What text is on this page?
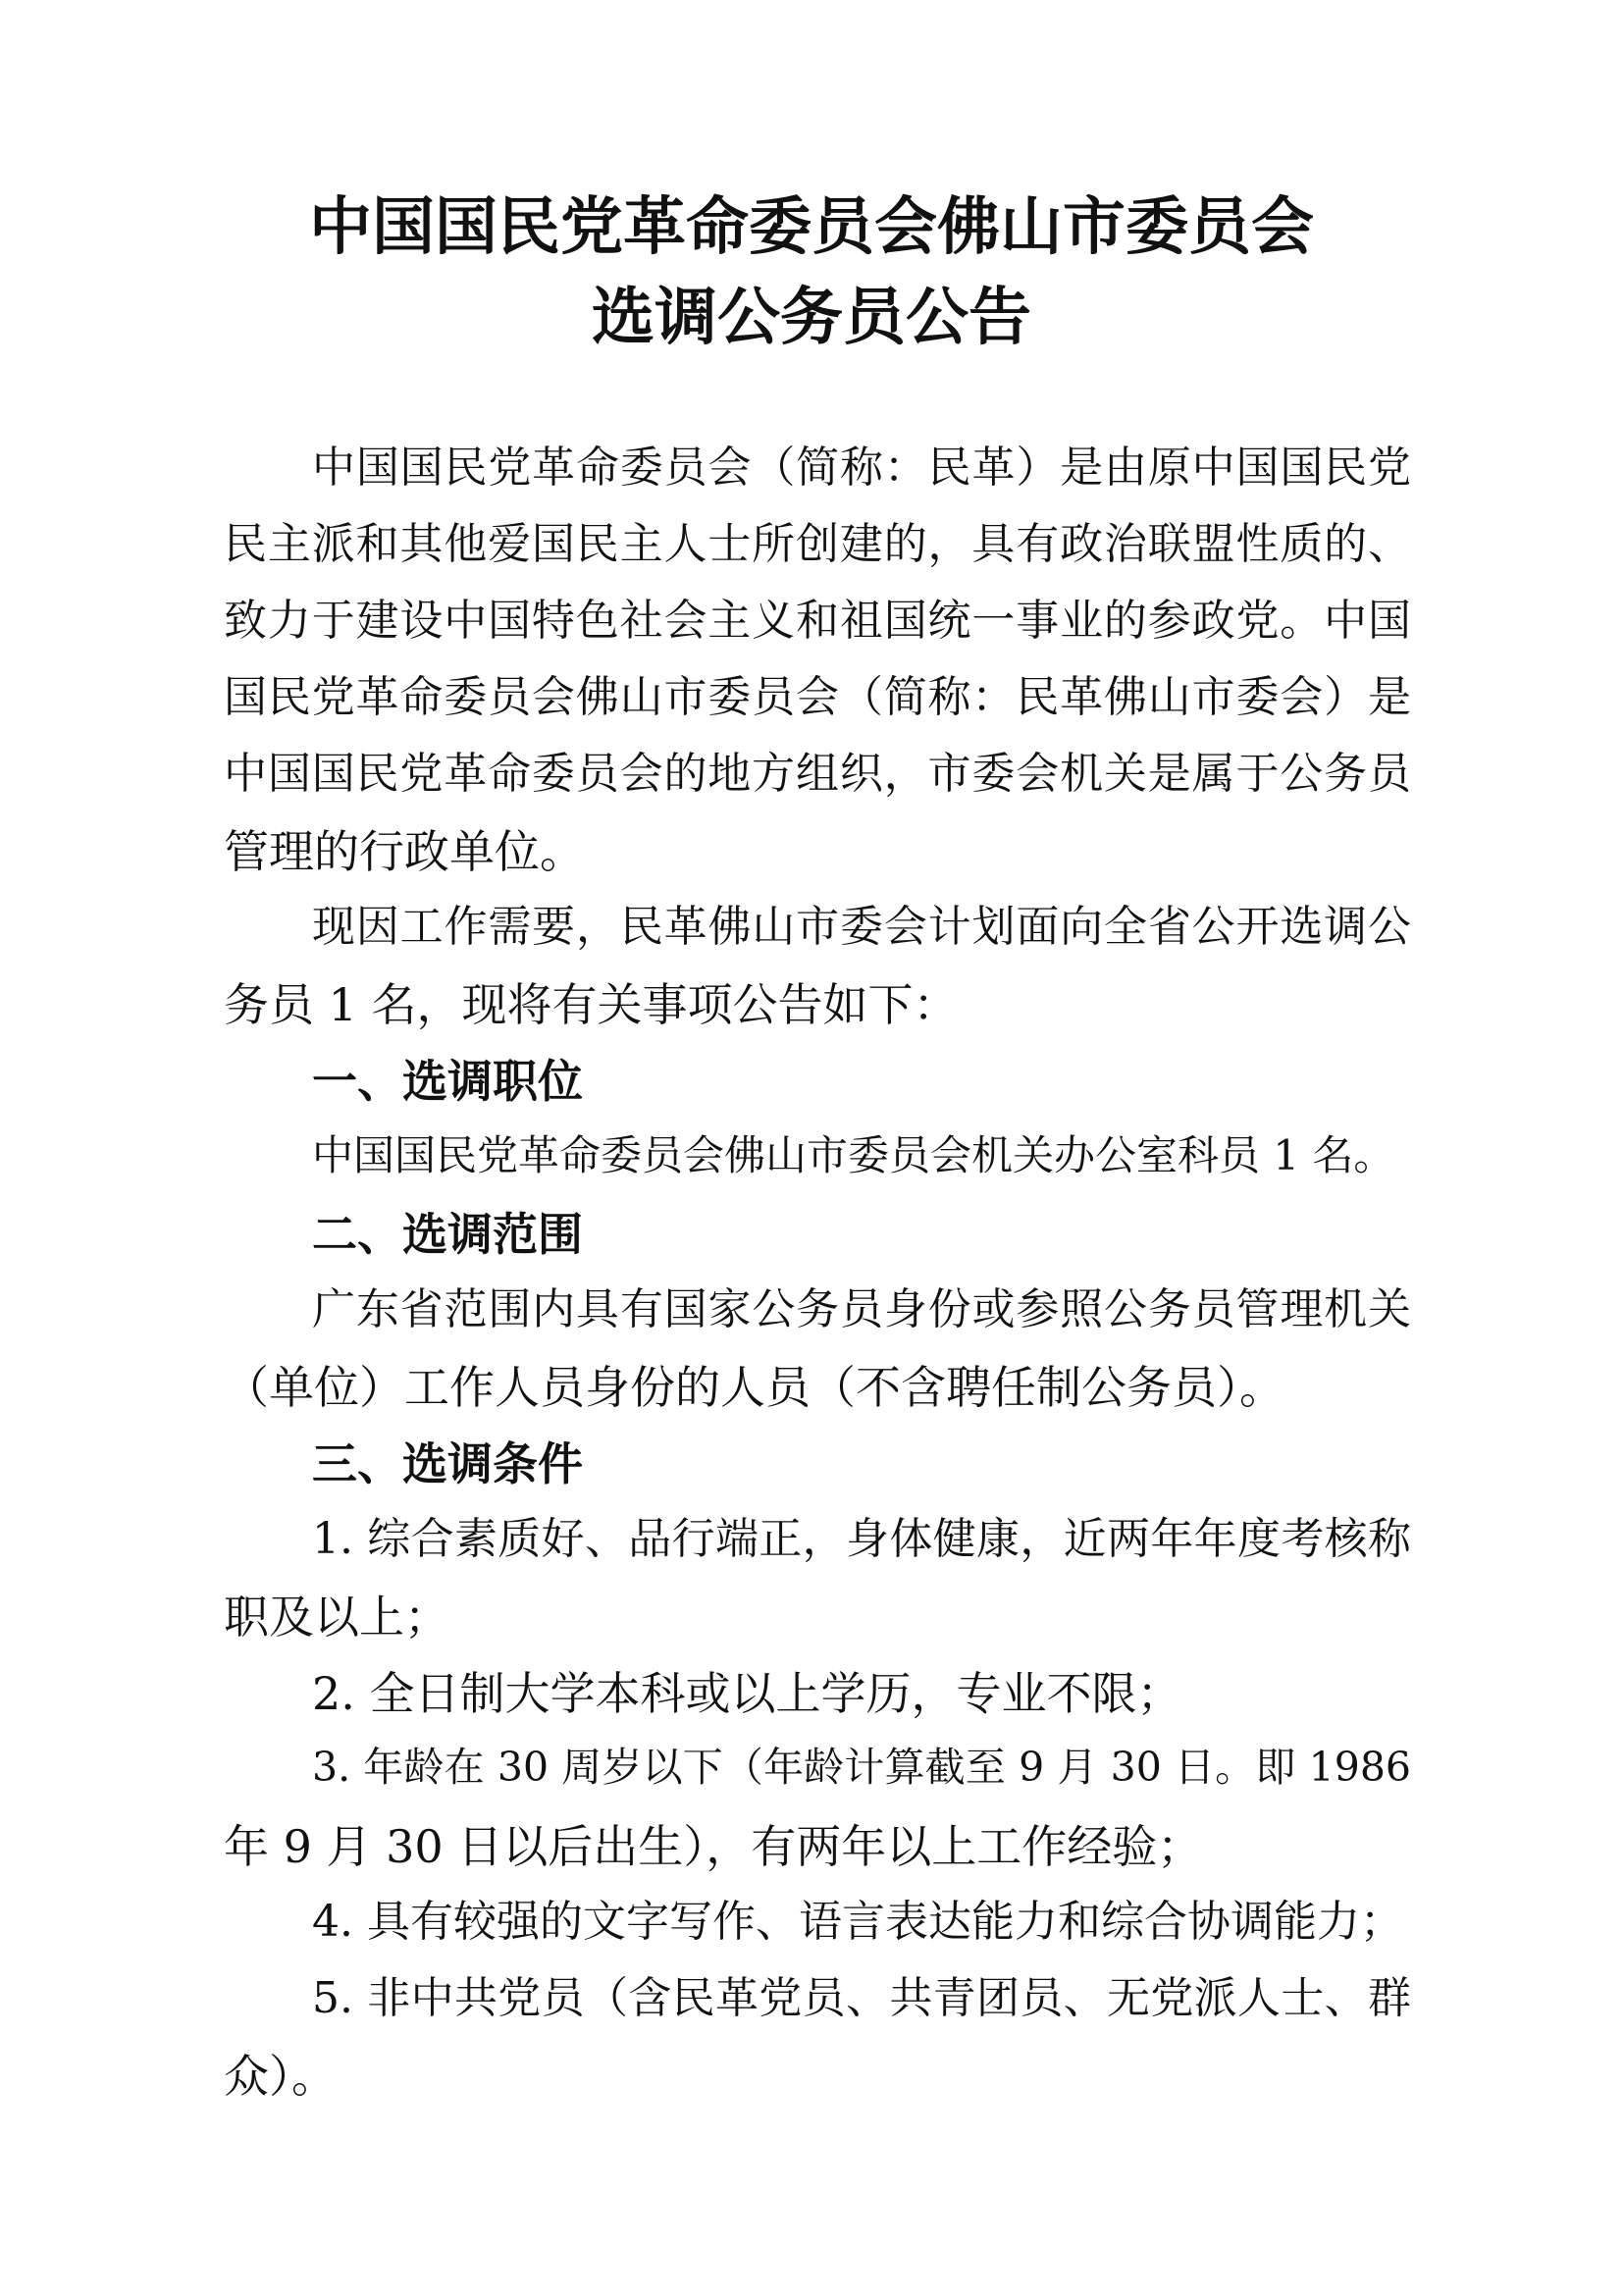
中国国民党革命委员会佛山市委员会
选调公务员公告
中国国民党革命委员会（简称：民革）是由原中国国民党
民主派和其他爱国民主人士所创建的，具有政治联盟性质的、
致力于建设中国特色社会主义和祖国统一事业的参政党。中国
国民党革命委员会佛山市委员会（简称：民革佛山市委会）是
中国国民党革命委员会的地方组织，市委会机关是属于公务员
管理的行政单位。
现因工作需要，民革佛山市委会计划面向全省公开选调公
务员 1 名，现将有关事项公告如下：
一、选调职位
中国国民党革命委员会佛山市委员会机关办公室科员 1 名。
二、选调范围
广东省范围内具有国家公务员身份或参照公务员管理机关
（单位）工作人员身份的人员（不含聘任制公务员）。
三、选调条件
1. 综合素质好、品行端正，身体健康，近两年年度考核称
职及以上；
2. 全日制大学本科或以上学历，专业不限；
3. 年龄在 30 周岁以下（年龄计算截至 9 月 30 日。即 1986
年 9 月 30 日以后出生），有两年以上工作经验；
4. 具有较强的文字写作、语言表达能力和综合协调能力；
5. 非中共党员（含民革党员、共青团员、无党派人士、群
众）。
